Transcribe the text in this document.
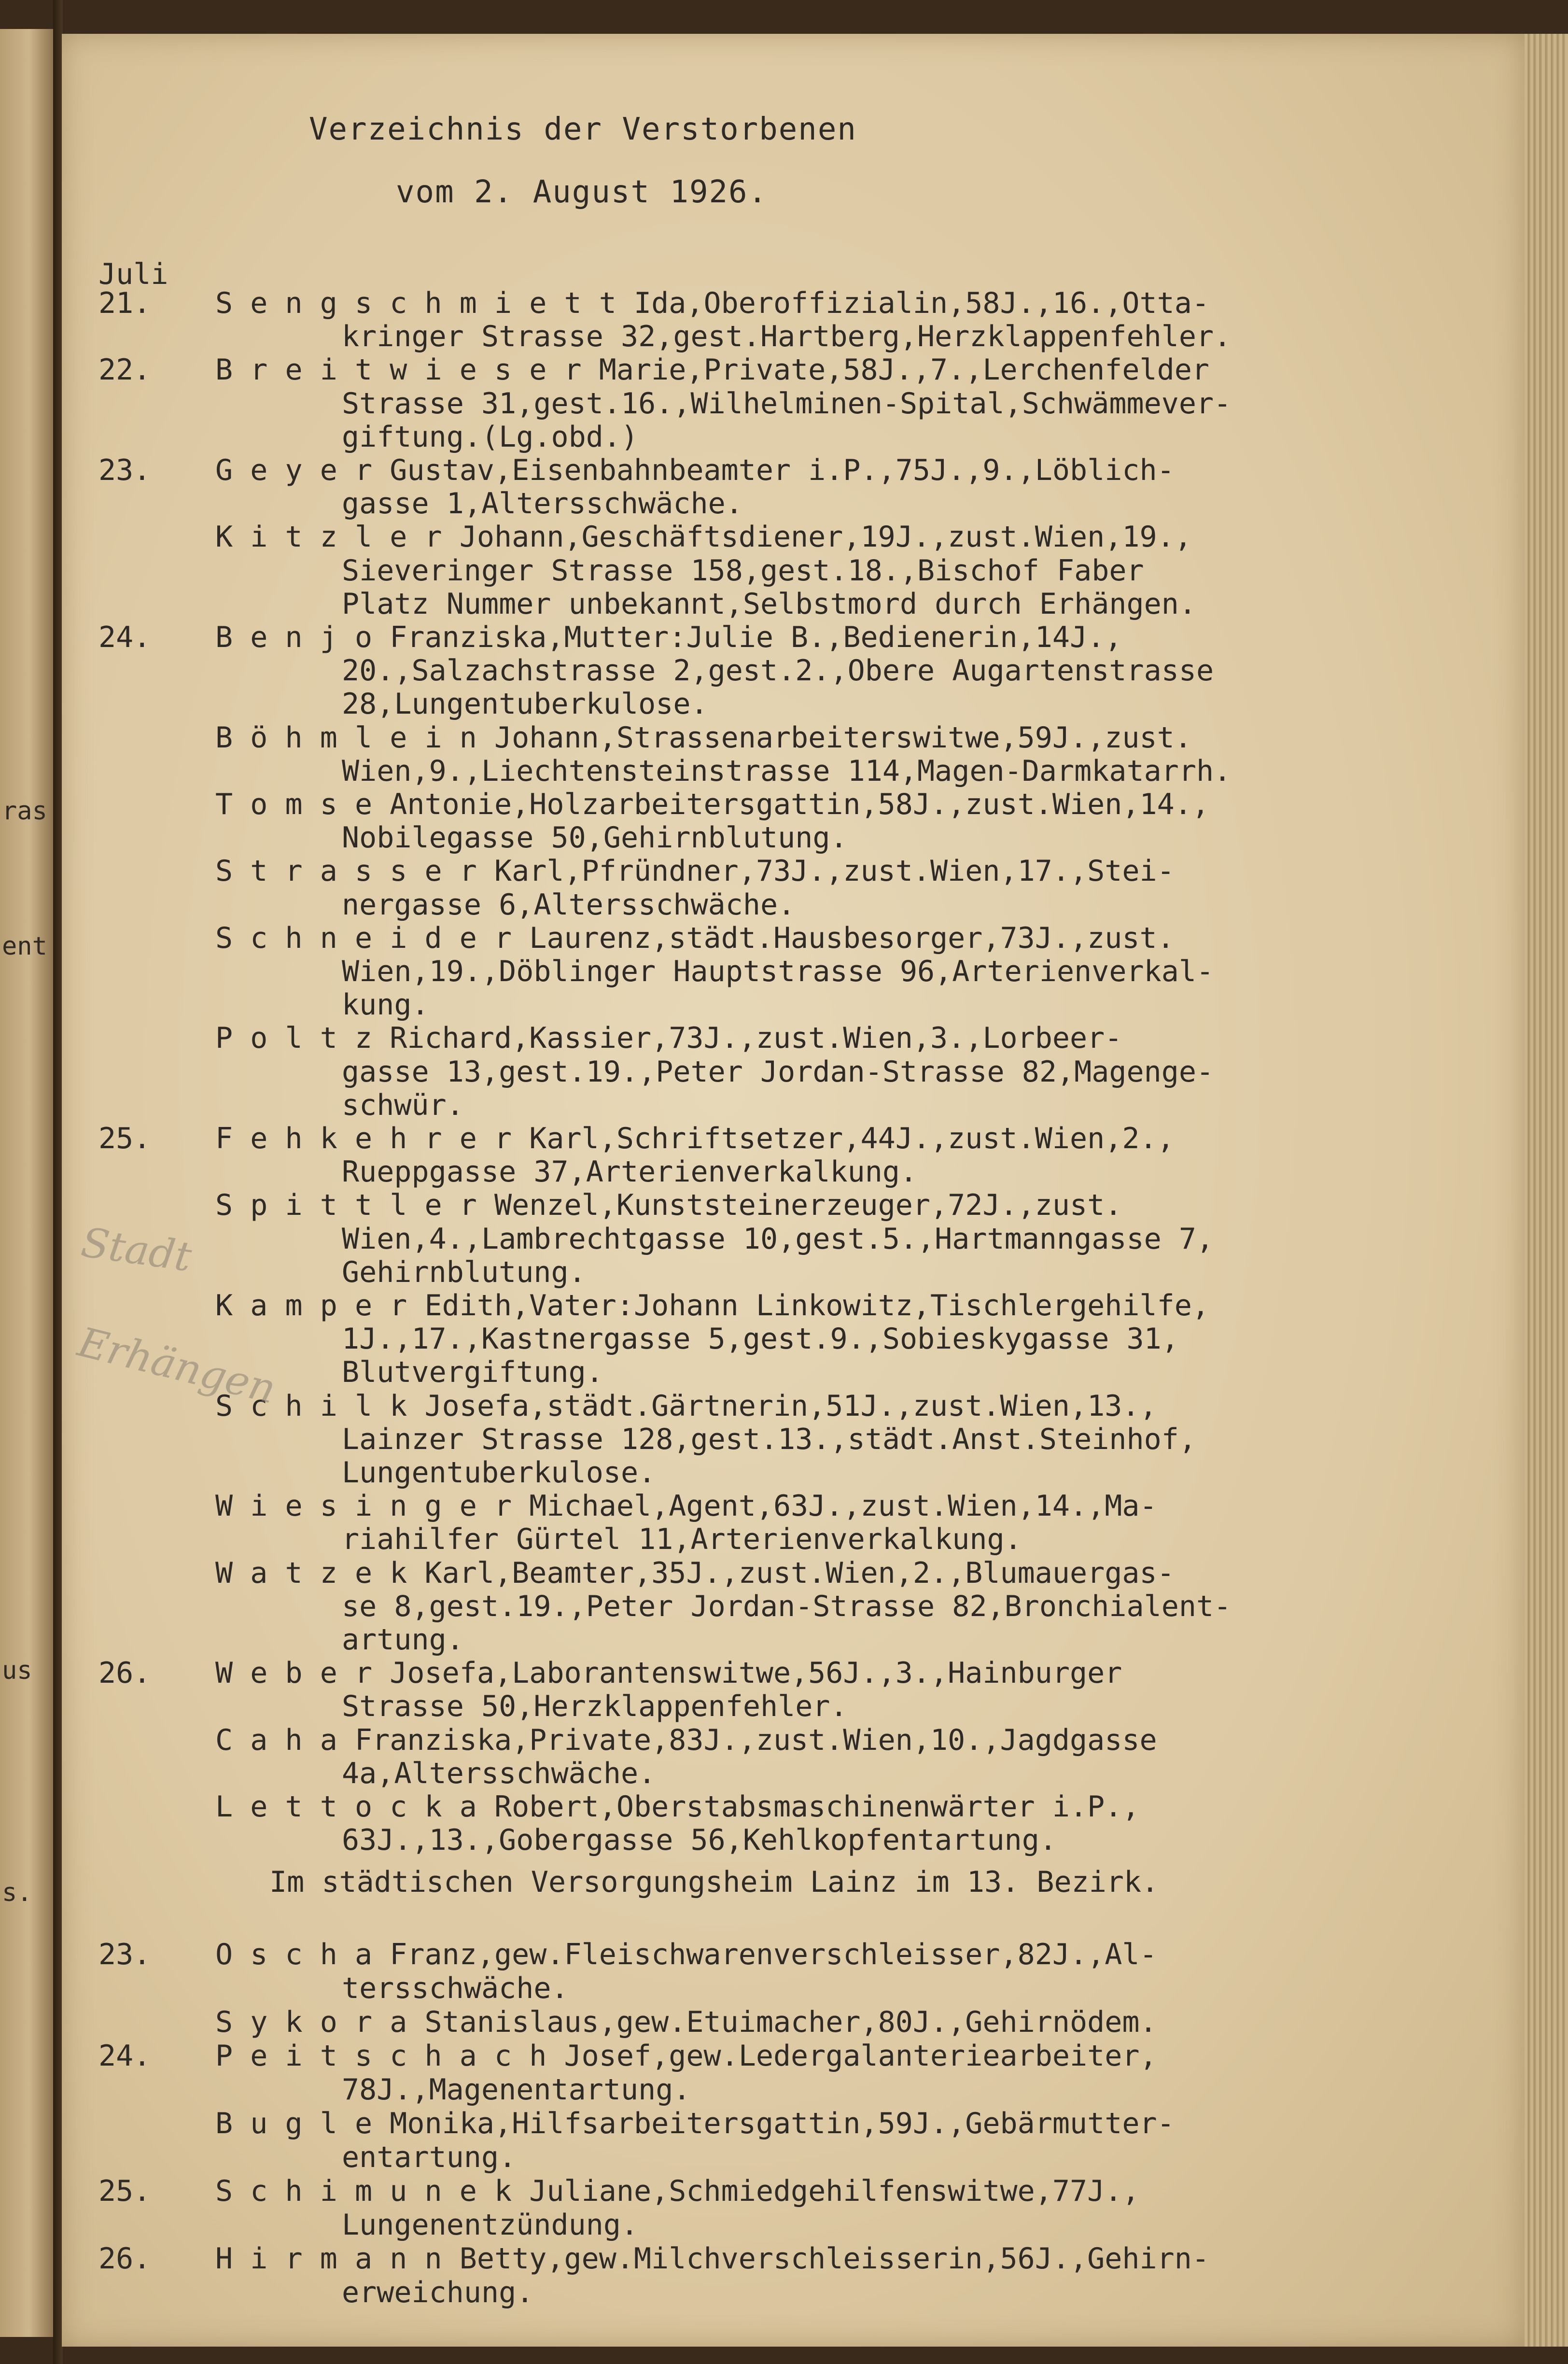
ras
ent
us
s.

Verzeichnis der Verstorbenen

vom 2. August 1926.

Juli

21. S e n g s c h m i e t t Ida,Oberoffizialin,58J.,16.,Otta-
kringer Strasse 32,gest.Hartberg,Herzklappenfehler.
22. B r e i t w i e s e r Marie,Private,58J.,7.,Lerchenfelder
Strasse 31,gest.16.,Wilhelminen-Spital,Schwämmever-
giftung.(Lg.obd.)
23. G e y e r Gustav,Eisenbahnbeamter i.P.,75J.,9.,Löblich-
gasse 1,Altersschwäche.
K i t z l e r Johann,Geschäftsdiener,19J.,zust.Wien,19.,
Sieveringer Strasse 158,gest.18.,Bischof Faber
Platz Nummer unbekannt,Selbstmord durch Erhängen.
24. B e n j o Franziska,Mutter:Julie B.,Bedienerin,14J.,
20.,Salzachstrasse 2,gest.2.,Obere Augartenstrasse
28,Lungentuberkulose.
B ö h m l e i n Johann,Strassenarbeiterswitwe,59J.,zust.
Wien,9.,Liechtensteinstrasse 114,Magen-Darmkatarrh.
T o m s e Antonie,Holzarbeitersgattin,58J.,zust.Wien,14.,
Nobilegasse 50,Gehirnblutung.
S t r a s s e r Karl,Pfründner,73J.,zust.Wien,17.,Stei-
nergasse 6,Altersschwäche.
S c h n e i d e r Laurenz,städt.Hausbesorger,73J.,zust.
Wien,19.,Döblinger Hauptstrasse 96,Arterienverkal-
kung.
P o l t z Richard,Kassier,73J.,zust.Wien,3.,Lorbeer-
gasse 13,gest.19.,Peter Jordan-Strasse 82,Magenge-
schwür.
25. F e h k e h r e r Karl,Schriftsetzer,44J.,zust.Wien,2.,
Rueppgasse 37,Arterienverkalkung.
S p i t t l e r Wenzel,Kunststeinerzeuger,72J.,zust.
Wien,4.,Lambrechtgasse 10,gest.5.,Hartmanngasse 7,
Gehirnblutung.
K a m p e r Edith,Vater:Johann Linkowitz,Tischlergehilfe,
1J.,17.,Kastnergasse 5,gest.9.,Sobieskygasse 31,
Blutvergiftung.
S c h i l k Josefa,städt.Gärtnerin,51J.,zust.Wien,13.,
Lainzer Strasse 128,gest.13.,städt.Anst.Steinhof,
Lungentuberkulose.
W i e s i n g e r Michael,Agent,63J.,zust.Wien,14.,Ma-
riahilfer Gürtel 11,Arterienverkalkung.
W a t z e k Karl,Beamter,35J.,zust.Wien,2.,Blumauergas-
se 8,gest.19.,Peter Jordan-Strasse 82,Bronchialent-
artung.
26. W e b e r Josefa,Laborantenswitwe,56J.,3.,Hainburger
Strasse 50,Herzklappenfehler.
C a h a Franziska,Private,83J.,zust.Wien,10.,Jagdgasse
4a,Altersschwäche.
L e t t o c k a Robert,Oberstabsmaschinenwärter i.P.,
63J.,13.,Gobergasse 56,Kehlkopfentartung.

Im städtischen Versorgungsheim Lainz im 13. Bezirk.

23. O s c h a Franz,gew.Fleischwarenverschleisser,82J.,Al-
tersschwäche.
S y k o r a Stanislaus,gew.Etuimacher,80J.,Gehirnödem.
24. P e i t s c h a c h Josef,gew.Ledergalanteriearbeiter,
78J.,Magenentartung.
B u g l e Monika,Hilfsarbeitersgattin,59J.,Gebärmutter-
entartung.
25. S c h i m u n e k Juliane,Schmiedgehilfenswitwe,77J.,
Lungenentzündung.
26. H i r m a n n Betty,gew.Milchverschleisserin,56J.,Gehirn-
erweichung.

Stadt

Erhängen
